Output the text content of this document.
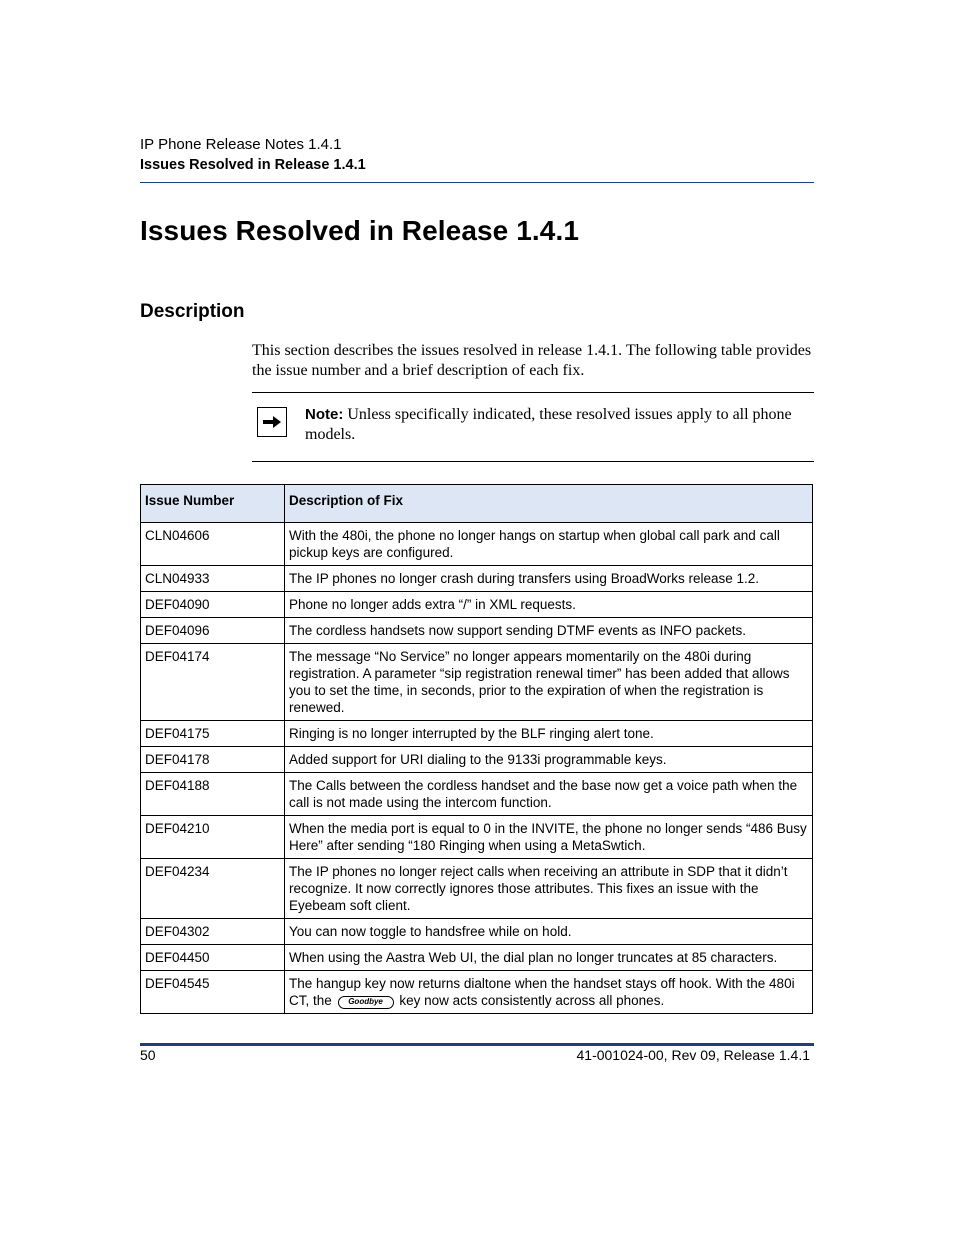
IP Phone Release Notes 1.4.1
Issues Resolved in Release 1.4.1
Issues Resolved in Release 1.4.1
Description
This section describes the issues resolved in release 1.4.1. The following table provides the issue number and a brief description of each fix.
Note: Unless specifically indicated, these resolved issues apply to all phone models.
Issue Number	Description of Fix
CLN04606	With the 480i, the phone no longer hangs on startup when global call park and call pickup keys are configured.
CLN04933	The IP phones no longer crash during transfers using BroadWorks release 1.2.
DEF04090	Phone no longer adds extra “/” in XML requests.
DEF04096	The cordless handsets now support sending DTMF events as INFO packets.
DEF04174	The message “No Service” no longer appears momentarily on the 480i during registration. A parameter “sip registration renewal timer” has been added that allows you to set the time, in seconds, prior to the expiration of when the registration is renewed.
DEF04175	Ringing is no longer interrupted by the BLF ringing alert tone.
DEF04178	Added support for URI dialing to the 9133i programmable keys.
DEF04188	The Calls between the cordless handset and the base now get a voice path when the call is not made using the intercom function.
DEF04210	When the media port is equal to 0 in the INVITE, the phone no longer sends “486 Busy Here” after sending “180 Ringing when using a MetaSwtich.
DEF04234	The IP phones no longer reject calls when receiving an attribute in SDP that it didn’t recognize. It now correctly ignores those attributes. This fixes an issue with the Eyebeam soft client.
DEF04302	You can now toggle to handsfree while on hold.
DEF04450	When using the Aastra Web UI, the dial plan no longer truncates at 85 characters.
DEF04545	The hangup key now returns dialtone when the handset stays off hook. With the 480i CT, the Goodbye key now acts consistently across all phones.
50	41-001024-00, Rev 09, Release 1.4.1
